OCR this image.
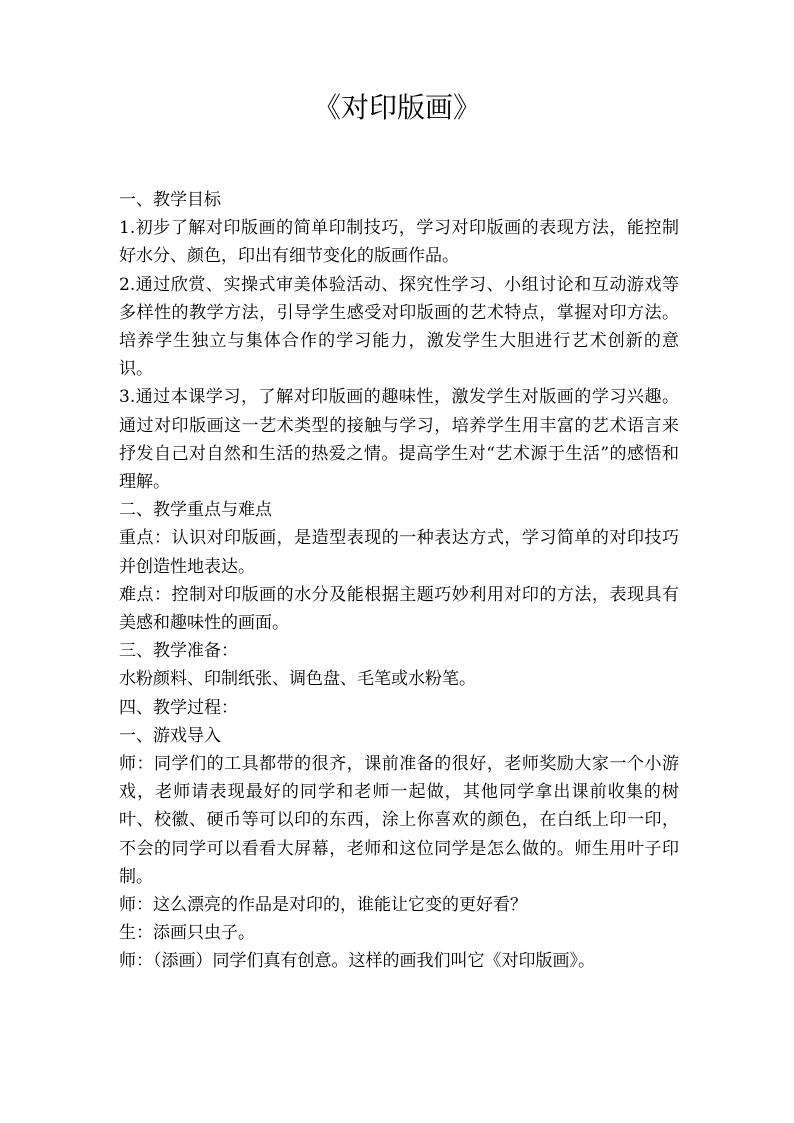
《对印版画》

一、教学目标

1.初步了解对印版画的简单印制技巧，学习对印版画的表现方法，能控制好水分、颜色，印出有细节变化的版画作品。

2.通过欣赏、实操式审美体验活动、探究性学习、小组讨论和互动游戏等多样性的教学方法，引导学生感受对印版画的艺术特点，掌握对印方法。培养学生独立与集体合作的学习能力，激发学生大胆进行艺术创新的意识。

3.通过本课学习，了解对印版画的趣味性，激发学生对版画的学习兴趣。通过对印版画这一艺术类型的接触与学习，培养学生用丰富的艺术语言来抒发自己对自然和生活的热爱之情。提高学生对“艺术源于生活”的感悟和理解。

二、教学重点与难点

重点：认识对印版画，是造型表现的一种表达方式，学习简单的对印技巧并创造性地表达。

难点：控制对印版画的水分及能根据主题巧妙利用对印的方法，表现具有美感和趣味性的画面。

三、教学准备：

水粉颜料、印制纸张、调色盘、毛笔或水粉笔。

四、教学过程：

一、游戏导入

师：同学们的工具都带的很齐，课前准备的很好，老师奖励大家一个小游戏，老师请表现最好的同学和老师一起做，其他同学拿出课前收集的树叶、校徽、硬币等可以印的东西，涂上你喜欢的颜色，在白纸上印一印，不会的同学可以看看大屏幕，老师和这位同学是怎么做的。师生用叶子印制。

师：这么漂亮的作品是对印的，谁能让它变的更好看？

生：添画只虫子。

师：（添画）同学们真有创意。这样的画我们叫它《对印版画》。
